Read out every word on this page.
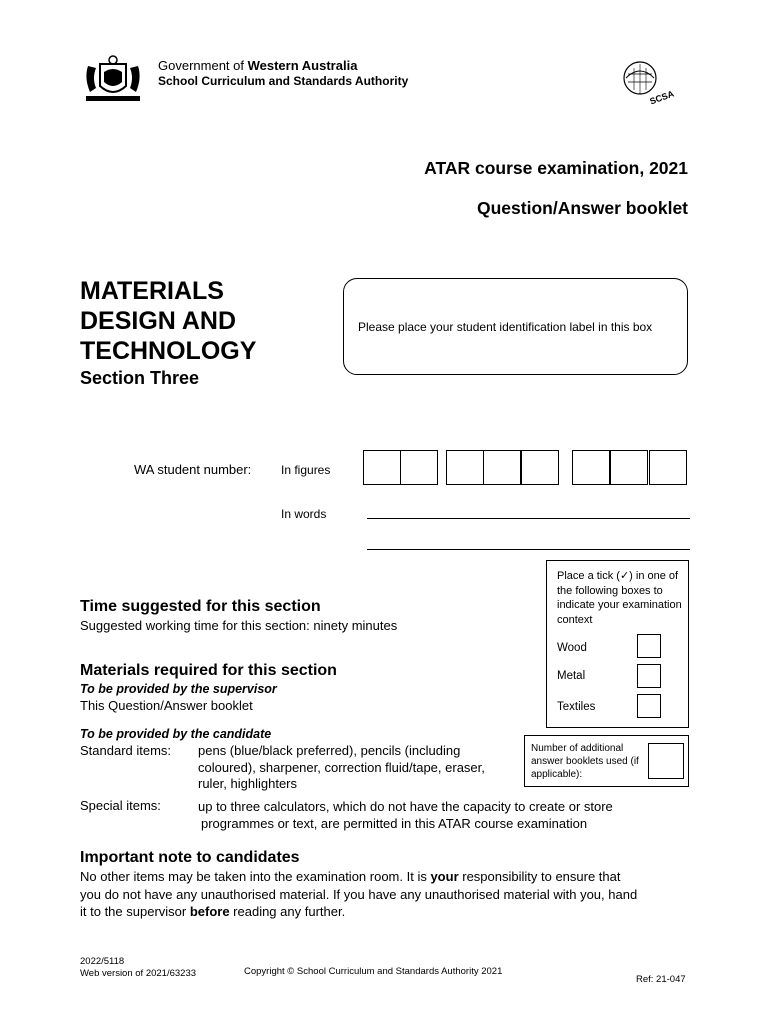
Government of Western Australia
School Curriculum and Standards Authority
SCSA
ATAR course examination, 2021
Question/Answer booklet
MATERIALS
DESIGN AND
TECHNOLOGY
Section Three
Please place your student identification label in this box
WA student number: In figures
In words
Place a tick (✓) in one of the following boxes to indicate your examination context
Wood
Metal
Textiles
Time suggested for this section
Suggested working time for this section: ninety minutes
Materials required for this section
To be provided by the supervisor
This Question/Answer booklet
To be provided by the candidate
Standard items: pens (blue/black preferred), pencils (including
coloured), sharpener, correction fluid/tape, eraser,
ruler, highlighters
Number of additional answer booklets used (if applicable):
Special items:	up to three calculators, which do not have the capacity to create or store
programmes or text, are permitted in this ATAR course examination
Important note to candidates
No other items may be taken into the examination room. It is your responsibility to ensure that
you do not have any unauthorised material. If you have any unauthorised material with you, hand
it to the supervisor before reading any further.
2022/5118
Web version of 2021/63233	Copyright © School Curriculum and Standards Authority 2021
Ref: 21-047
